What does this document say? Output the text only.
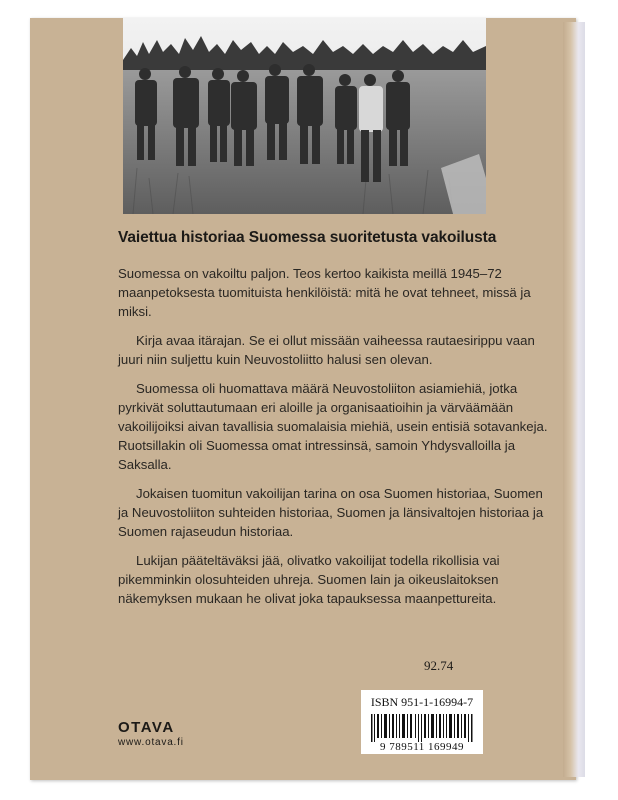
Vaiettua historiaa Suomessa suoritetusta vakoilusta

Suomessa on vakoiltu paljon. Teos kertoo kaikista meillä 1945–72 maanpetoksesta tuomituista henkilöistä: mitä he ovat tehneet, missä ja miksi.

Kirja avaa itärajan. Se ei ollut missään vaiheessa rautaesirippu vaan juuri niin suljettu kuin Neuvostoliitto halusi sen olevan.

Suomessa oli huomattava määrä Neuvostoliiton asiamiehiä, jotka pyrkivät soluttautumaan eri aloille ja organisaatioihin ja värväämään vakoilijoiksi aivan tavallisia suomalaisia miehiä, usein entisiä sotavankeja. Ruotsillakin oli Suomessa omat intressinsä, samoin Yhdysvalloilla ja Saksalla.

Jokaisen tuomitun vakoilijan tarina on osa Suomen historiaa, Suomen ja Neuvostoliiton suhteiden historiaa, Suomen ja länsivaltojen historiaa ja Suomen rajaseudun historiaa.

Lukijan pääteltäväksi jää, olivatko vakoilijat todella rikollisia vai pikemminkin olosuhteiden uhreja. Suomen lain ja oikeuslaitoksen näkemyksen mukaan he olivat joka tapauksessa maanpettureita.

92.74
ISBN 951-1-16994-7
9 789511 169949
OTAVA
www.otava.fi
